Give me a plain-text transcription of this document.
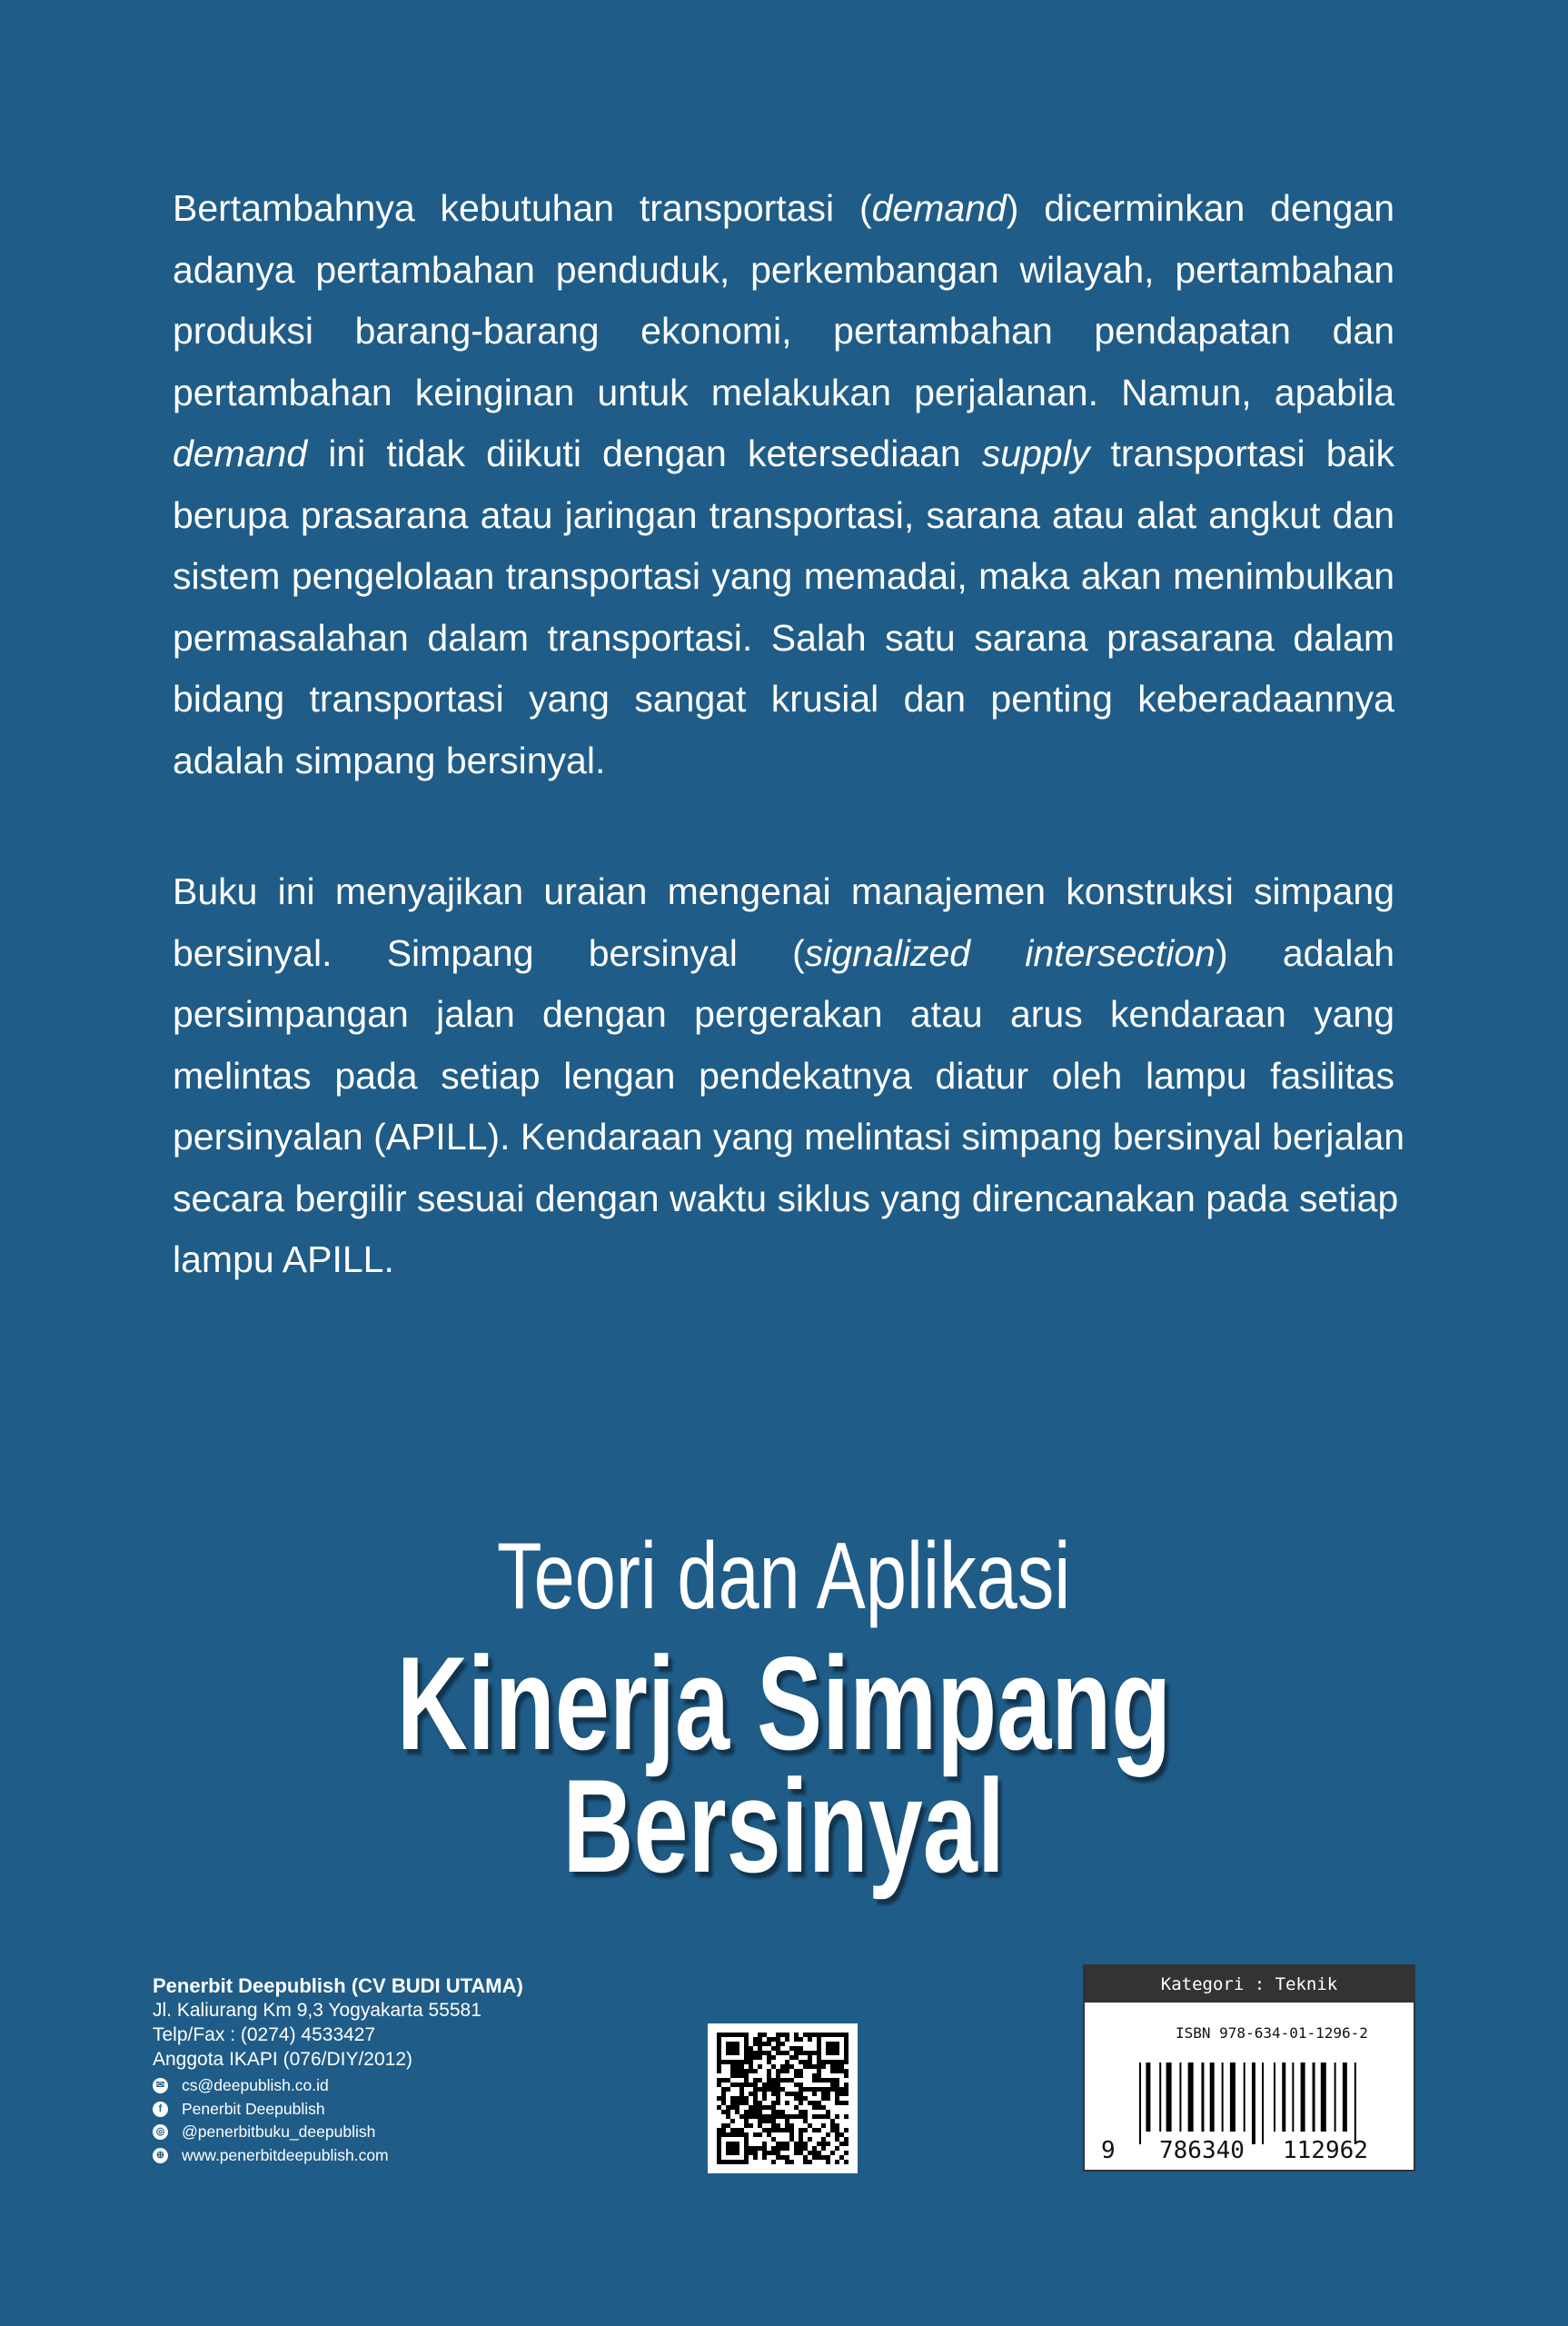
Bertambahnya kebutuhan transportasi (demand) dicerminkan dengan
adanya pertambahan penduduk, perkembangan wilayah, pertambahan
produksi barang-barang ekonomi, pertambahan pendapatan dan
pertambahan keinginan untuk melakukan perjalanan. Namun, apabila
demand ini tidak diikuti dengan ketersediaan supply transportasi baik
berupa prasarana atau jaringan transportasi, sarana atau alat angkut dan
sistem pengelolaan transportasi yang memadai, maka akan menimbulkan
permasalahan dalam transportasi. Salah satu sarana prasarana dalam
bidang transportasi yang sangat krusial dan penting keberadaannya
adalah simpang bersinyal.
Buku ini menyajikan uraian mengenai manajemen konstruksi simpang
bersinyal. Simpang bersinyal (signalized intersection) adalah
persimpangan jalan dengan pergerakan atau arus kendaraan yang
melintas pada setiap lengan pendekatnya diatur oleh lampu fasilitas
persinyalan (APILL). Kendaraan yang melintasi simpang bersinyal berjalan
secara bergilir sesuai dengan waktu siklus yang direncanakan pada setiap
lampu APILL.
Teori dan Aplikasi
Kinerja Simpang
Bersinyal
Penerbit Deepublish (CV BUDI UTAMA)
Jl. Kaliurang Km 9,3 Yogyakarta 55581
Telp/Fax : (0274) 4533427
Anggota IKAPI (076/DIY/2012)
✉ cs@deepublish.co.id
f	Penerbit Deepublish
◎ @penerbitbuku_deepublish
⊕ www.penerbitdeepublish.com
Kategori : Teknik
ISBN 978-634-01-1296-2
9 786340 112962
